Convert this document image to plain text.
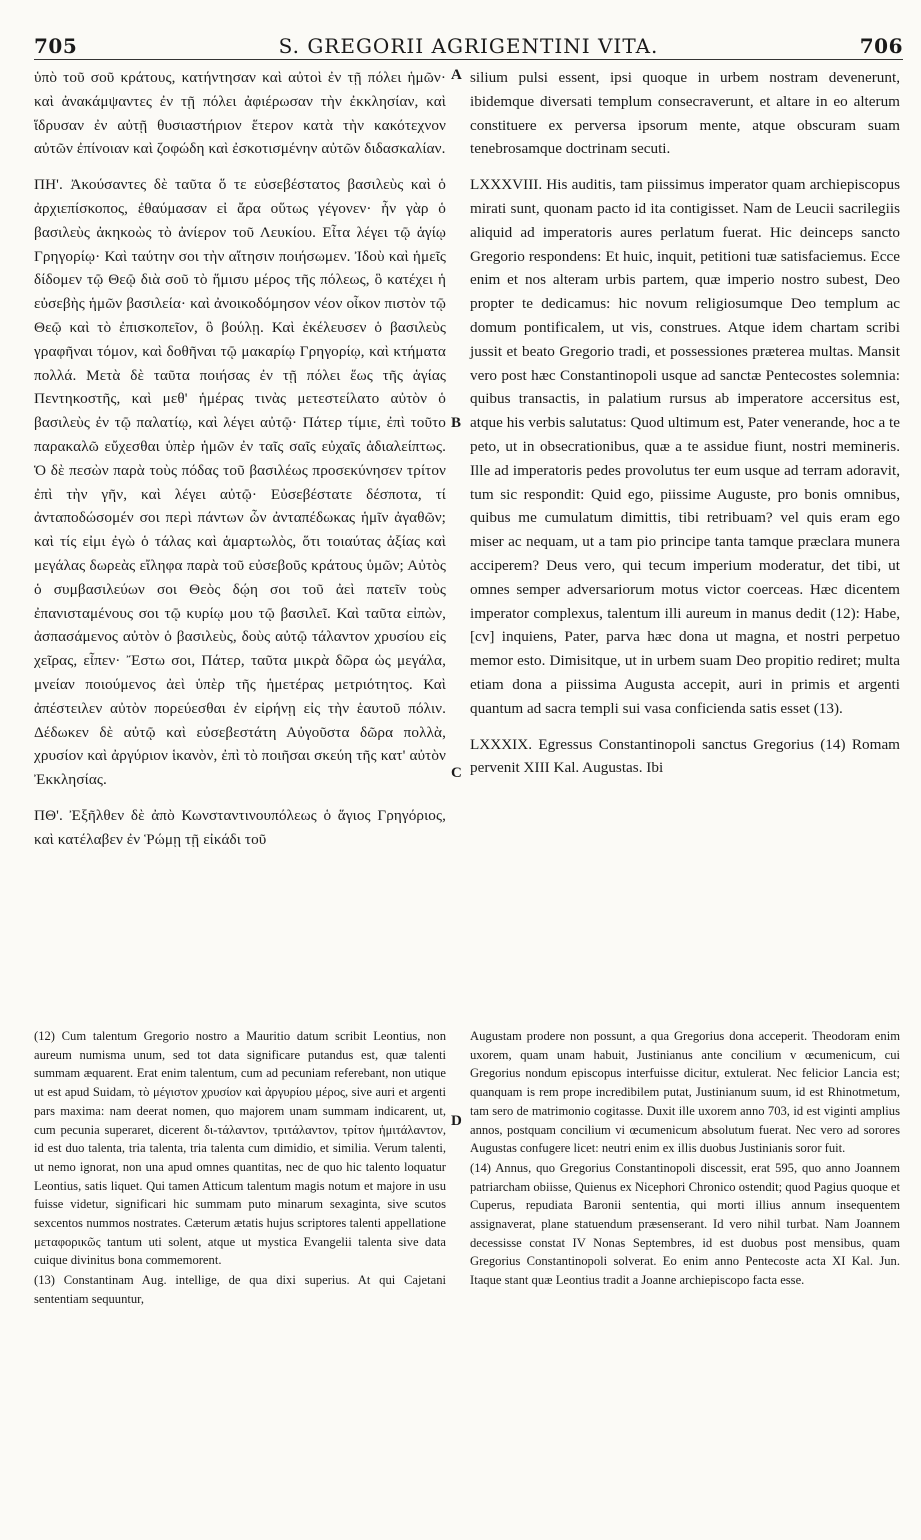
705	S. GREGORII AGRIGENTINI VITA.	706
A
B
C
D

ὑπὸ τοῦ σοῦ κράτους, κατήντησαν καὶ αὐτοὶ ἐν τῇ πόλει ἡμῶν· καὶ ἀνακάμψαντες ἐν τῇ πόλει ἀφιέρωσαν τὴν ἐκκλησίαν, καὶ ἵδρυσαν ἐν αὐτῇ θυσιαστήριον ἕτερον κατὰ τὴν κακότεχνον αὐτῶν ἐπίνοιαν καὶ ζοφώδη καὶ ἐσκοτισμένην αὐτῶν διδασκαλίαν.

ΠΗ'. Ἀκούσαντες δὲ ταῦτα ὅ τε εὐσεβέστατος βασιλεὺς καὶ ὁ ἀρχιεπίσκοπος, ἐθαύμασαν εἰ ἄρα οὕτως γέγονεν· ἦν γὰρ ὁ βασιλεὺς ἀκηκοὼς τὸ ἀνίερον τοῦ Λευκίου. Εἶτα λέγει τῷ ἁγίῳ Γρηγορίῳ· Καὶ ταύτην σοι τὴν αἴτησιν ποιήσωμεν. Ἰδοὺ καὶ ἡμεῖς δίδομεν τῷ Θεῷ διὰ σοῦ τὸ ἥμισυ μέρος τῆς πόλεως, ὃ κατέχει ἡ εὐσεβὴς ἡμῶν βασιλεία· καὶ ἀνοικοδόμησον νέον οἶκον πιστὸν τῷ Θεῷ καὶ τὸ ἐπισκοπεῖον, ὃ βούλῃ. Καὶ ἐκέλευσεν ὁ βασιλεὺς γραφῆναι τόμον, καὶ δοθῆναι τῷ μακαρίῳ Γρηγορίῳ, καὶ κτήματα πολλά. Μετὰ δὲ ταῦτα ποιήσας ἐν τῇ πόλει ἕως τῆς ἁγίας Πεντηκοστῆς, καὶ μεθ' ἡμέρας τινὰς μετεστείλατο αὐτὸν ὁ βασιλεὺς ἐν τῷ παλατίῳ, καὶ λέγει αὐτῷ· Πάτερ τίμιε, ἐπὶ τοῦτο παρακαλῶ εὔχεσθαι ὑπὲρ ἡμῶν ἐν ταῖς σαῖς εὐχαῖς ἀδιαλείπτως. Ὁ δὲ πεσὼν παρὰ τοὺς πόδας τοῦ βασιλέως προσεκύνησεν τρίτον ἐπὶ τὴν γῆν, καὶ λέγει αὐτῷ· Εὐσεβέστατε δέσποτα, τί ἀνταποδώσομέν σοι περὶ πάντων ὧν ἀνταπέδωκας ἡμῖν ἀγαθῶν; καὶ τίς εἰμι ἐγὼ ὁ τάλας καὶ ἁμαρτωλὸς, ὅτι τοιαύτας ἀξίας καὶ μεγάλας δωρεὰς εἴληφα παρὰ τοῦ εὐσεβοῦς κράτους ὑμῶν; Αὐτὸς ὁ συμβασιλεύων σοι Θεὸς δῴη σοι τοῦ ἀεὶ πατεῖν τοὺς ἐπανισταμένους σοι τῷ κυρίῳ μου τῷ βασιλεῖ. Καὶ ταῦτα εἰπὼν, ἀσπασάμενος αὐτὸν ὁ βασιλεὺς, δοὺς αὐτῷ τάλαντον χρυσίου εἰς χεῖρας, εἶπεν· Ἔστω σοι, Πάτερ, ταῦτα μικρὰ δῶρα ὡς μεγάλα, μνείαν ποιούμενος ἀεὶ ὑπὲρ τῆς ἡμετέρας μετριότητος. Καὶ ἀπέστειλεν αὐτὸν πορεύεσθαι ἐν εἰρήνῃ εἰς τὴν ἑαυτοῦ πόλιν. Δέδωκεν δὲ αὐτῷ καὶ εὐσεβεστάτη Αὐγοῦστα δῶρα πολλὰ, χρυσίον καὶ ἀργύριον ἱκανὸν, ἐπὶ τὸ ποιῆσαι σκεύη τῆς κατ' αὐτὸν Ἐκκλησίας.

ΠΘ'. Ἐξῆλθεν δὲ ἀπὸ Κωνσταντινουπόλεως ὁ ἅγιος Γρηγόριος, καὶ κατέλαβεν ἐν Ῥώμῃ τῇ εἰκάδι τοῦ

silium pulsi essent, ipsi quoque in urbem nostram devenerunt, ibidemque diversati templum consecraverunt, et altare in eo alterum constituere ex perversa ipsorum mente, atque obscuram suam tenebrosamque doctrinam secuti.

LXXXVIII. His auditis, tam piissimus imperator quam archiepiscopus mirati sunt, quonam pacto id ita contigisset. Nam de Leucii sacrilegiis aliquid ad imperatoris aures perlatum fuerat. Hic deinceps sancto Gregorio respondens: Et huic, inquit, petitioni tuæ satisfaciemus. Ecce enim et nos alteram urbis partem, quæ imperio nostro subest, Deo propter te dedicamus: hic novum religiosumque Deo templum ac domum pontificalem, ut vis, construes. Atque idem chartam scribi jussit et beato Gregorio tradi, et possessiones præterea multas. Mansit vero post hæc Constantinopoli usque ad sanctæ Pentecostes solemnia: quibus transactis, in palatium rursus ab imperatore accersitus est, atque his verbis salutatus: Quod ultimum est, Pater venerande, hoc a te peto, ut in obsecrationibus, quæ a te assidue fiunt, nostri memineris. Ille ad imperatoris pedes provolutus ter eum usque ad terram adoravit, tum sic respondit: Quid ego, piissime Auguste, pro bonis omnibus, quibus me cumulatum dimittis, tibi retribuam? vel quis eram ego miser ac nequam, ut a tam pio principe tanta tamque præclara munera acciperem? Deus vero, qui tecum imperium moderatur, det tibi, ut omnes semper adversariorum motus victor coerceas. Hæc dicentem imperator complexus, talentum illi aureum in manus dedit (12): Habe, [cv] inquiens, Pater, parva hæc dona ut magna, et nostri perpetuo memor esto. Dimisitque, ut in urbem suam Deo propitio rediret; multa etiam dona a piissima Augusta accepit, auri in primis et argenti quantum ad sacra templi sui vasa conficienda satis esset (13).

LXXXIX. Egressus Constantinopoli sanctus Gregorius (14) Romam pervenit XIII Kal. Augustas. Ibi

(12) Cum talentum Gregorio nostro a Mauritio datum scribit Leontius, non aureum numisma unum, sed tot data significare putandus est, quæ talenti summam æquarent. Erat enim talentum, cum ad pecuniam referebant, non utique ut est apud Suidam, τὸ μέγιστον χρυσίον καὶ ἀργυρίου μέρος, sive auri et argenti pars maxima: nam deerat nomen, quo majorem unam summam indicarent, ut, cum pecunia superaret, dicerent δι-τάλαντον, τριτάλαντον, τρίτον ἡμιτάλαντον, id est duo talenta, tria talenta, tria talenta cum dimidio, et similia. Verum talenti, ut nemo ignorat, non una apud omnes quantitas, nec de quo hic talento loquatur Leontius, satis liquet. Qui tamen Atticum talentum magis notum et majore in usu fuisse videtur, significari hic summam puto minarum sexaginta, sive scutos sexcentos nummos nostrates. Cæterum ætatis hujus scriptores talenti appellatione μεταφορικῶς tantum uti solent, atque ut mystica Evangelii talenta sive data cuique divinitus bona commemorent.

(13) Constantinam Aug. intellige, de qua dixi superius. At qui Cajetani sententiam sequuntur,

Augustam prodere non possunt, a qua Gregorius dona acceperit. Theodoram enim uxorem, quam unam habuit, Justinianus ante concilium v œcumenicum, cui Gregorius nondum episcopus interfuisse dicitur, extulerat. Nec felicior Lancia est; quanquam is rem prope incredibilem putat, Justinianum suum, id est Rhinotmetum, tam sero de matrimonio cogitasse. Duxit ille uxorem anno 703, id est viginti amplius annos, postquam concilium vi œcumenicum absolutum fuerat. Nec vero ad sorores Augustas confugere licet: neutri enim ex illis duobus Justinianis soror fuit.

(14) Annus, quo Gregorius Constantinopoli discessit, erat 595, quo anno Joannem patriarcham obiisse, Quienus ex Nicephori Chronico ostendit; quod Pagius quoque et Cuperus, repudiata Baronii sententia, qui morti illius annum insequentem assignaverat, plane statuendum præsenserant. Id vero nihil turbat. Nam Joannem decessisse constat IV Nonas Septembres, id est duobus post mensibus, quam Gregorius Constantinopoli solverat. Eo enim anno Pentecoste acta XI Kal. Jun. Itaque stant quæ Leontius tradit a Joanne archiepiscopo facta esse.
